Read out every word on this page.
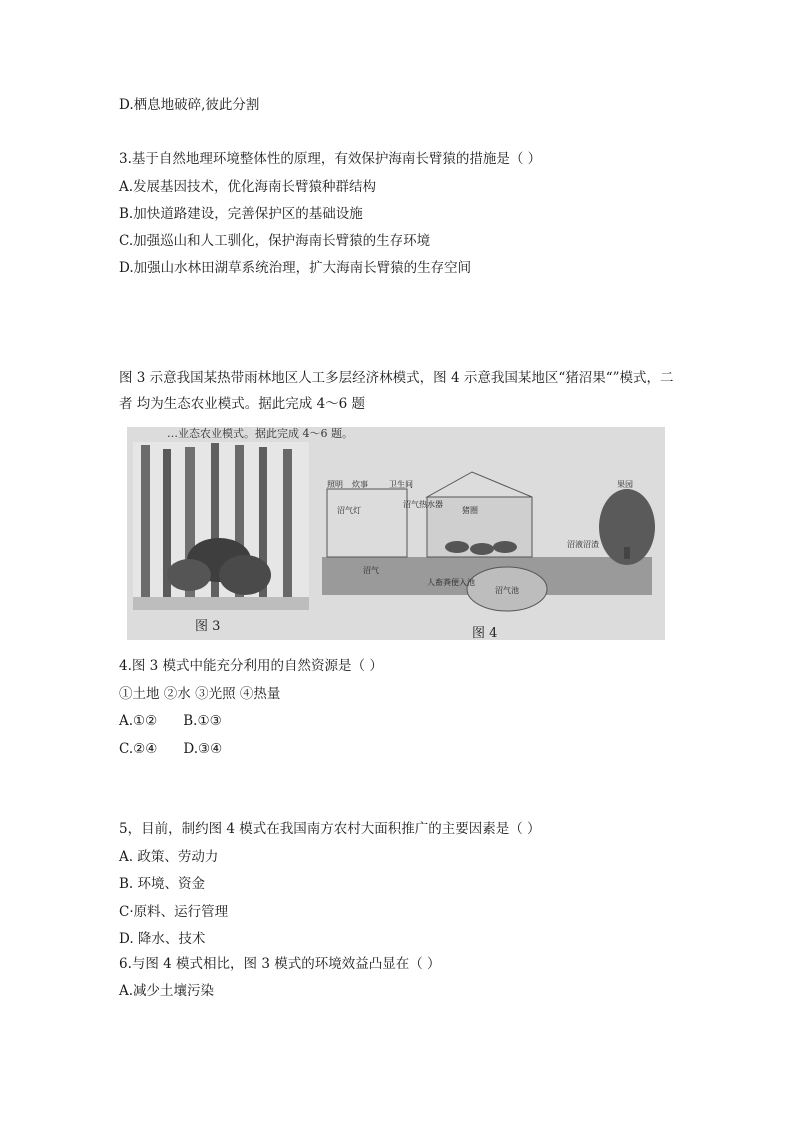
D.栖息地破碎,彼此分割
3.基于自然地理环境整体性的原理，有效保护海南长臂猿的措施是（ ）
A.发展基因技术，优化海南长臂猿种群结构
B.加快道路建设，完善保护区的基础设施
C.加强巡山和人工驯化，保护海南长臂猿的生存环境
D.加强山水林田湖草系统治理，扩大海南长臂猿的生存空间
图 3 示意我国某热带雨林地区人工多层经济林模式，图 4 示意我国某地区“猪沼果“”模式，二者 均为生态农业模式。据此完成 4～6 题
…业态农业模式。据此完成 4～6 题。
图 3
照明 炊事	卫生间
沼气灯
沼气热水器
猪圈
沼气
人畜粪便入池
沼气池
沼液沼渣
果园
图 4
4.图 3 模式中能充分利用的自然资源是（ ）
①土地 ②水 ③光照 ④热量
A.①② B.①③
C.②④ D.③④
5，目前，制约图 4 模式在我国南方农村大面积推广的主要因素是（ ）
A. 政策、劳动力
B. 环境、资金
C·原料、运行管理
D. 降水、技术
6.与图 4 模式相比，图 3 模式的环境效益凸显在（ ）
A.减少土壤污染
